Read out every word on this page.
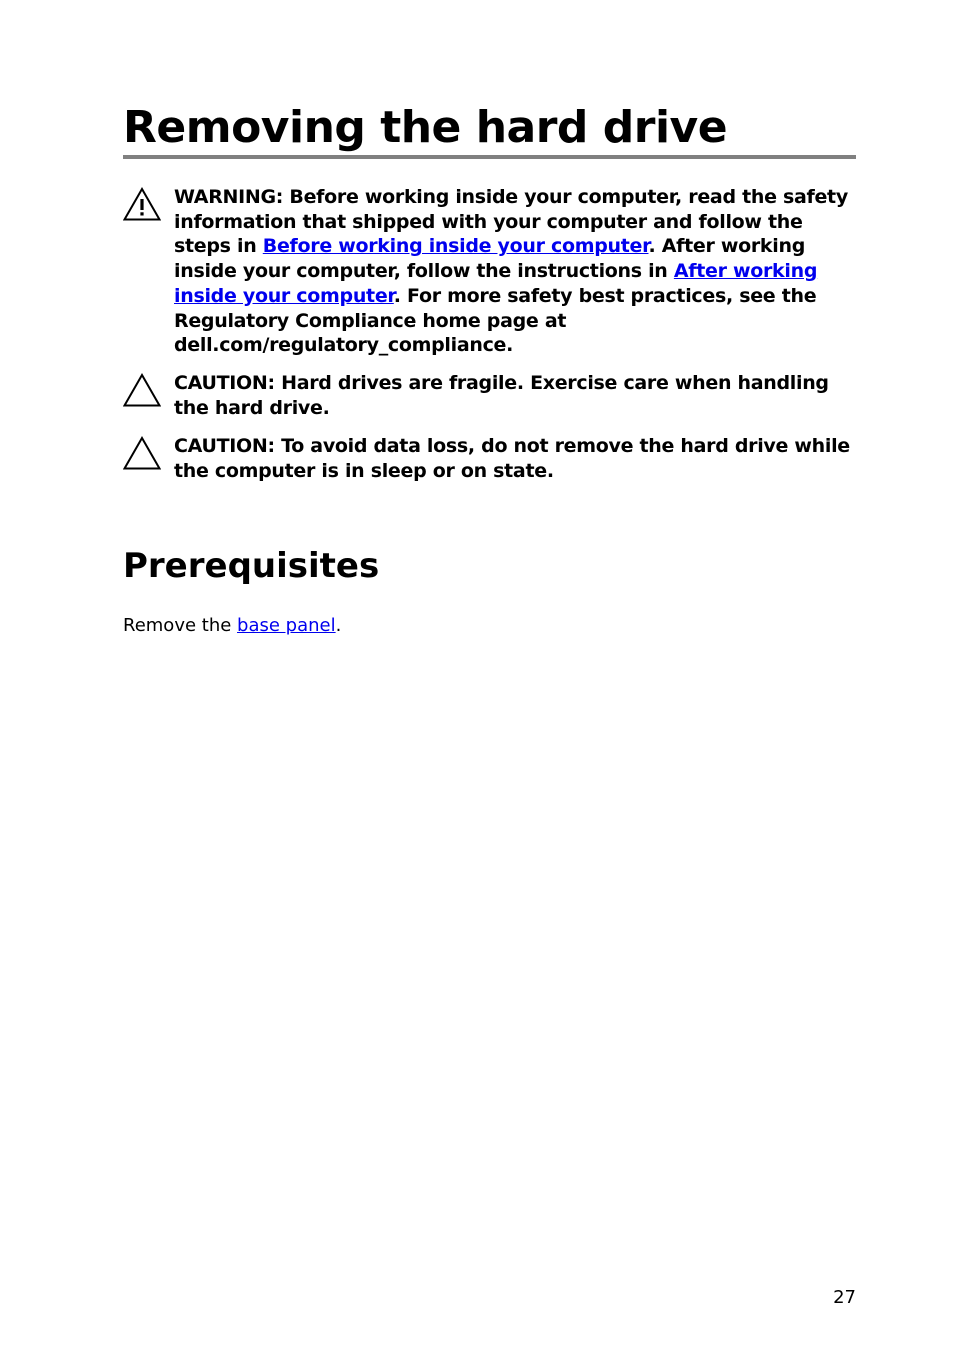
Removing the hard drive
WARNING: Before working inside your computer, read the safety information that shipped with your computer and follow the steps in Before working inside your computer. After working inside your computer, follow the instructions in After working inside your computer. For more safety best practices, see the Regulatory Compliance home page at dell.com/regulatory_compliance.
CAUTION: Hard drives are fragile. Exercise care when handling the hard drive.
CAUTION: To avoid data loss, do not remove the hard drive while the computer is in sleep or on state.
Prerequisites

Remove the base panel.

27
